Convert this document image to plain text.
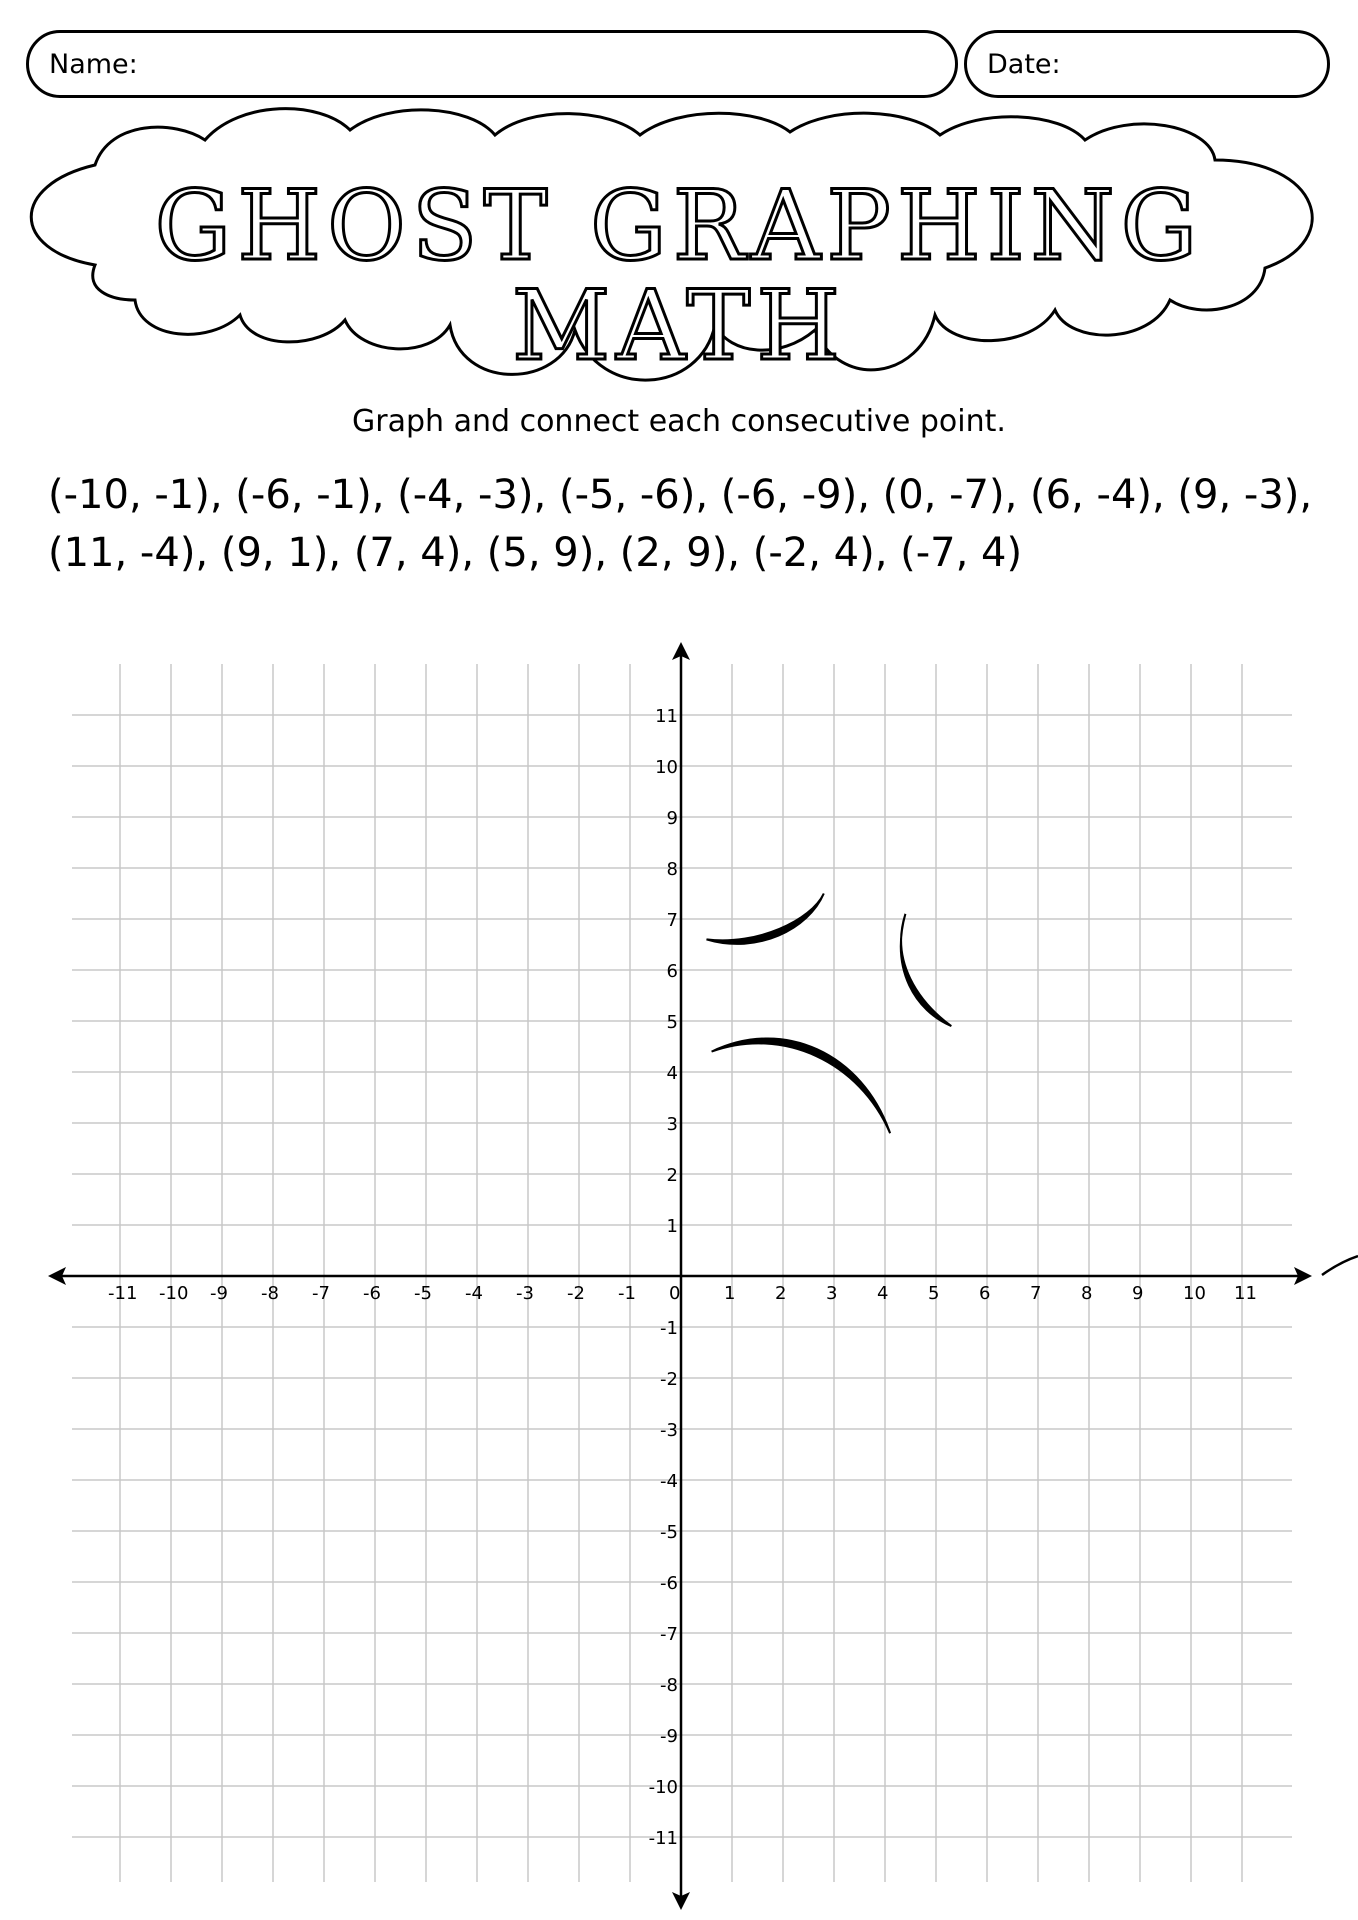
Name:	Date:
GHOST GRAPHING MATH
Graph and connect each consecutive point.
(-10, -1), (-6, -1), (-4, -3), (-5, -6), (-6, -9), (0, -7), (6, -4), (9, -3),
(11, -4), (9, 1), (7, 4), (5, 9), (2, 9), (-2, 4), (-7, 4)
-11 -10 -9 -8 -7 -6 -5 -4 -3 -2 -1 0 1 2 3 4 5 6 7 8 9 10 11
11
10
9
8
7
6
5
4
3
2
1
-1
-2
-3
-4
-5
-6
-7
-8
-9
-10
-11
